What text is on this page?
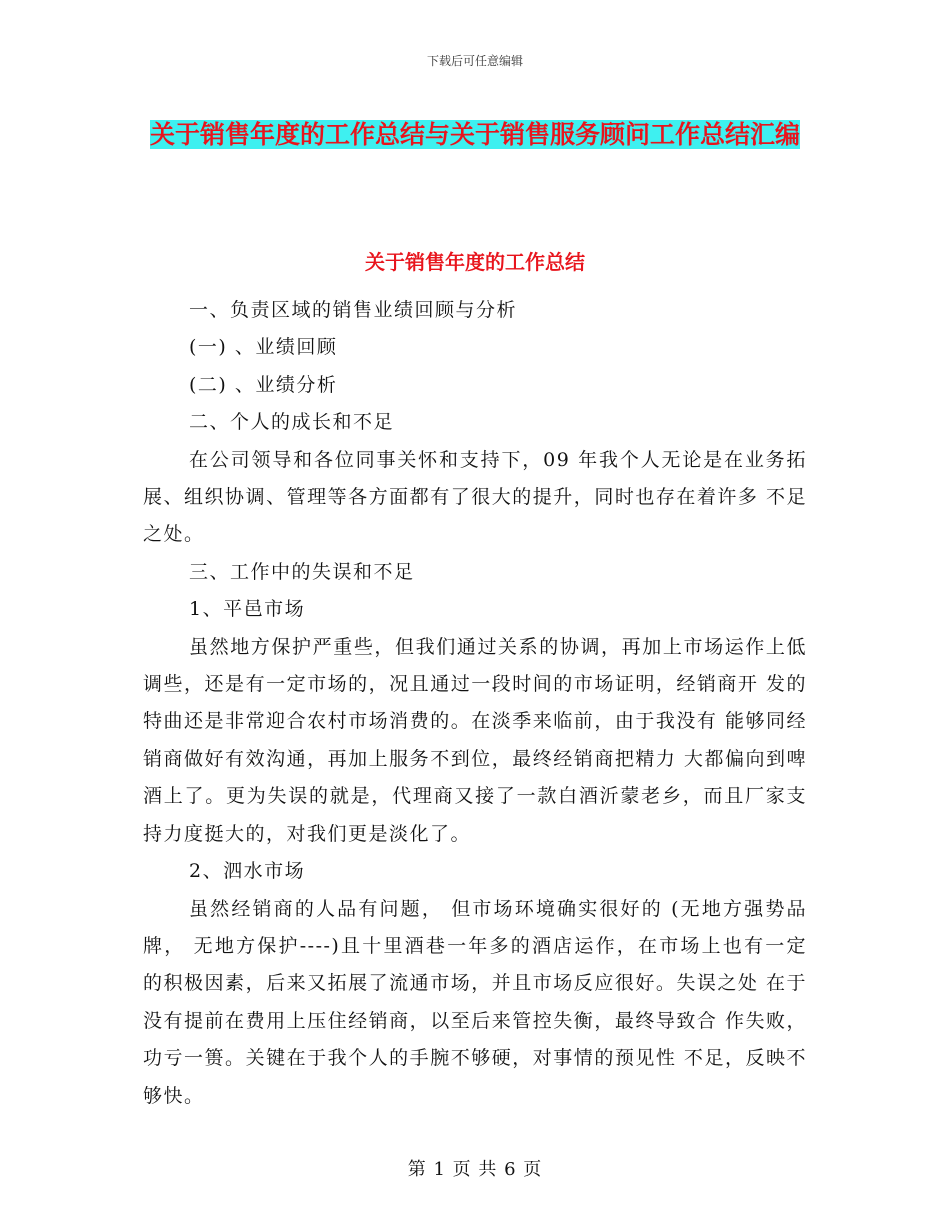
下载后可任意编辑
关于销售年度的工作总结与关于销售服务顾问工作总结汇编
关于销售年度的工作总结

一、负责区域的销售业绩回顾与分析

(一) 、业绩回顾

(二) 、业绩分析

二、个人的成长和不足

在公司领导和各位同事关怀和支持下，09 年我个人无论是在业务拓 展、组织协调、管理等各方面都有了很大的提升，同时也存在着许多 不足之处。

三、工作中的失误和不足

1、平邑市场

虽然地方保护严重些，但我们通过关系的协调，再加上市场运作上低 调些，还是有一定市场的，况且通过一段时间的市场证明，经销商开 发的特曲还是非常迎合农村市场消费的。在淡季来临前，由于我没有 能够同经销商做好有效沟通，再加上服务不到位，最终经销商把精力 大都偏向到啤酒上了。更为失误的就是，代理商又接了一款白酒沂蒙老乡，而且厂家支持力度挺大的，对我们更是淡化了。

2、泗水市场

虽然经销商的人品有问题， 但市场环境确实很好的 (无地方强势品牌， 无地方保护----)且十里酒巷一年多的酒店运作，在市场上也有一定 的积极因素，后来又拓展了流通市场，并且市场反应很好。失误之处 在于没有提前在费用上压住经销商，以至后来管控失衡，最终导致合 作失败，功亏一篑。关键在于我个人的手腕不够硬，对事情的预见性 不足，反映不够快。

第 1 页 共 6 页
